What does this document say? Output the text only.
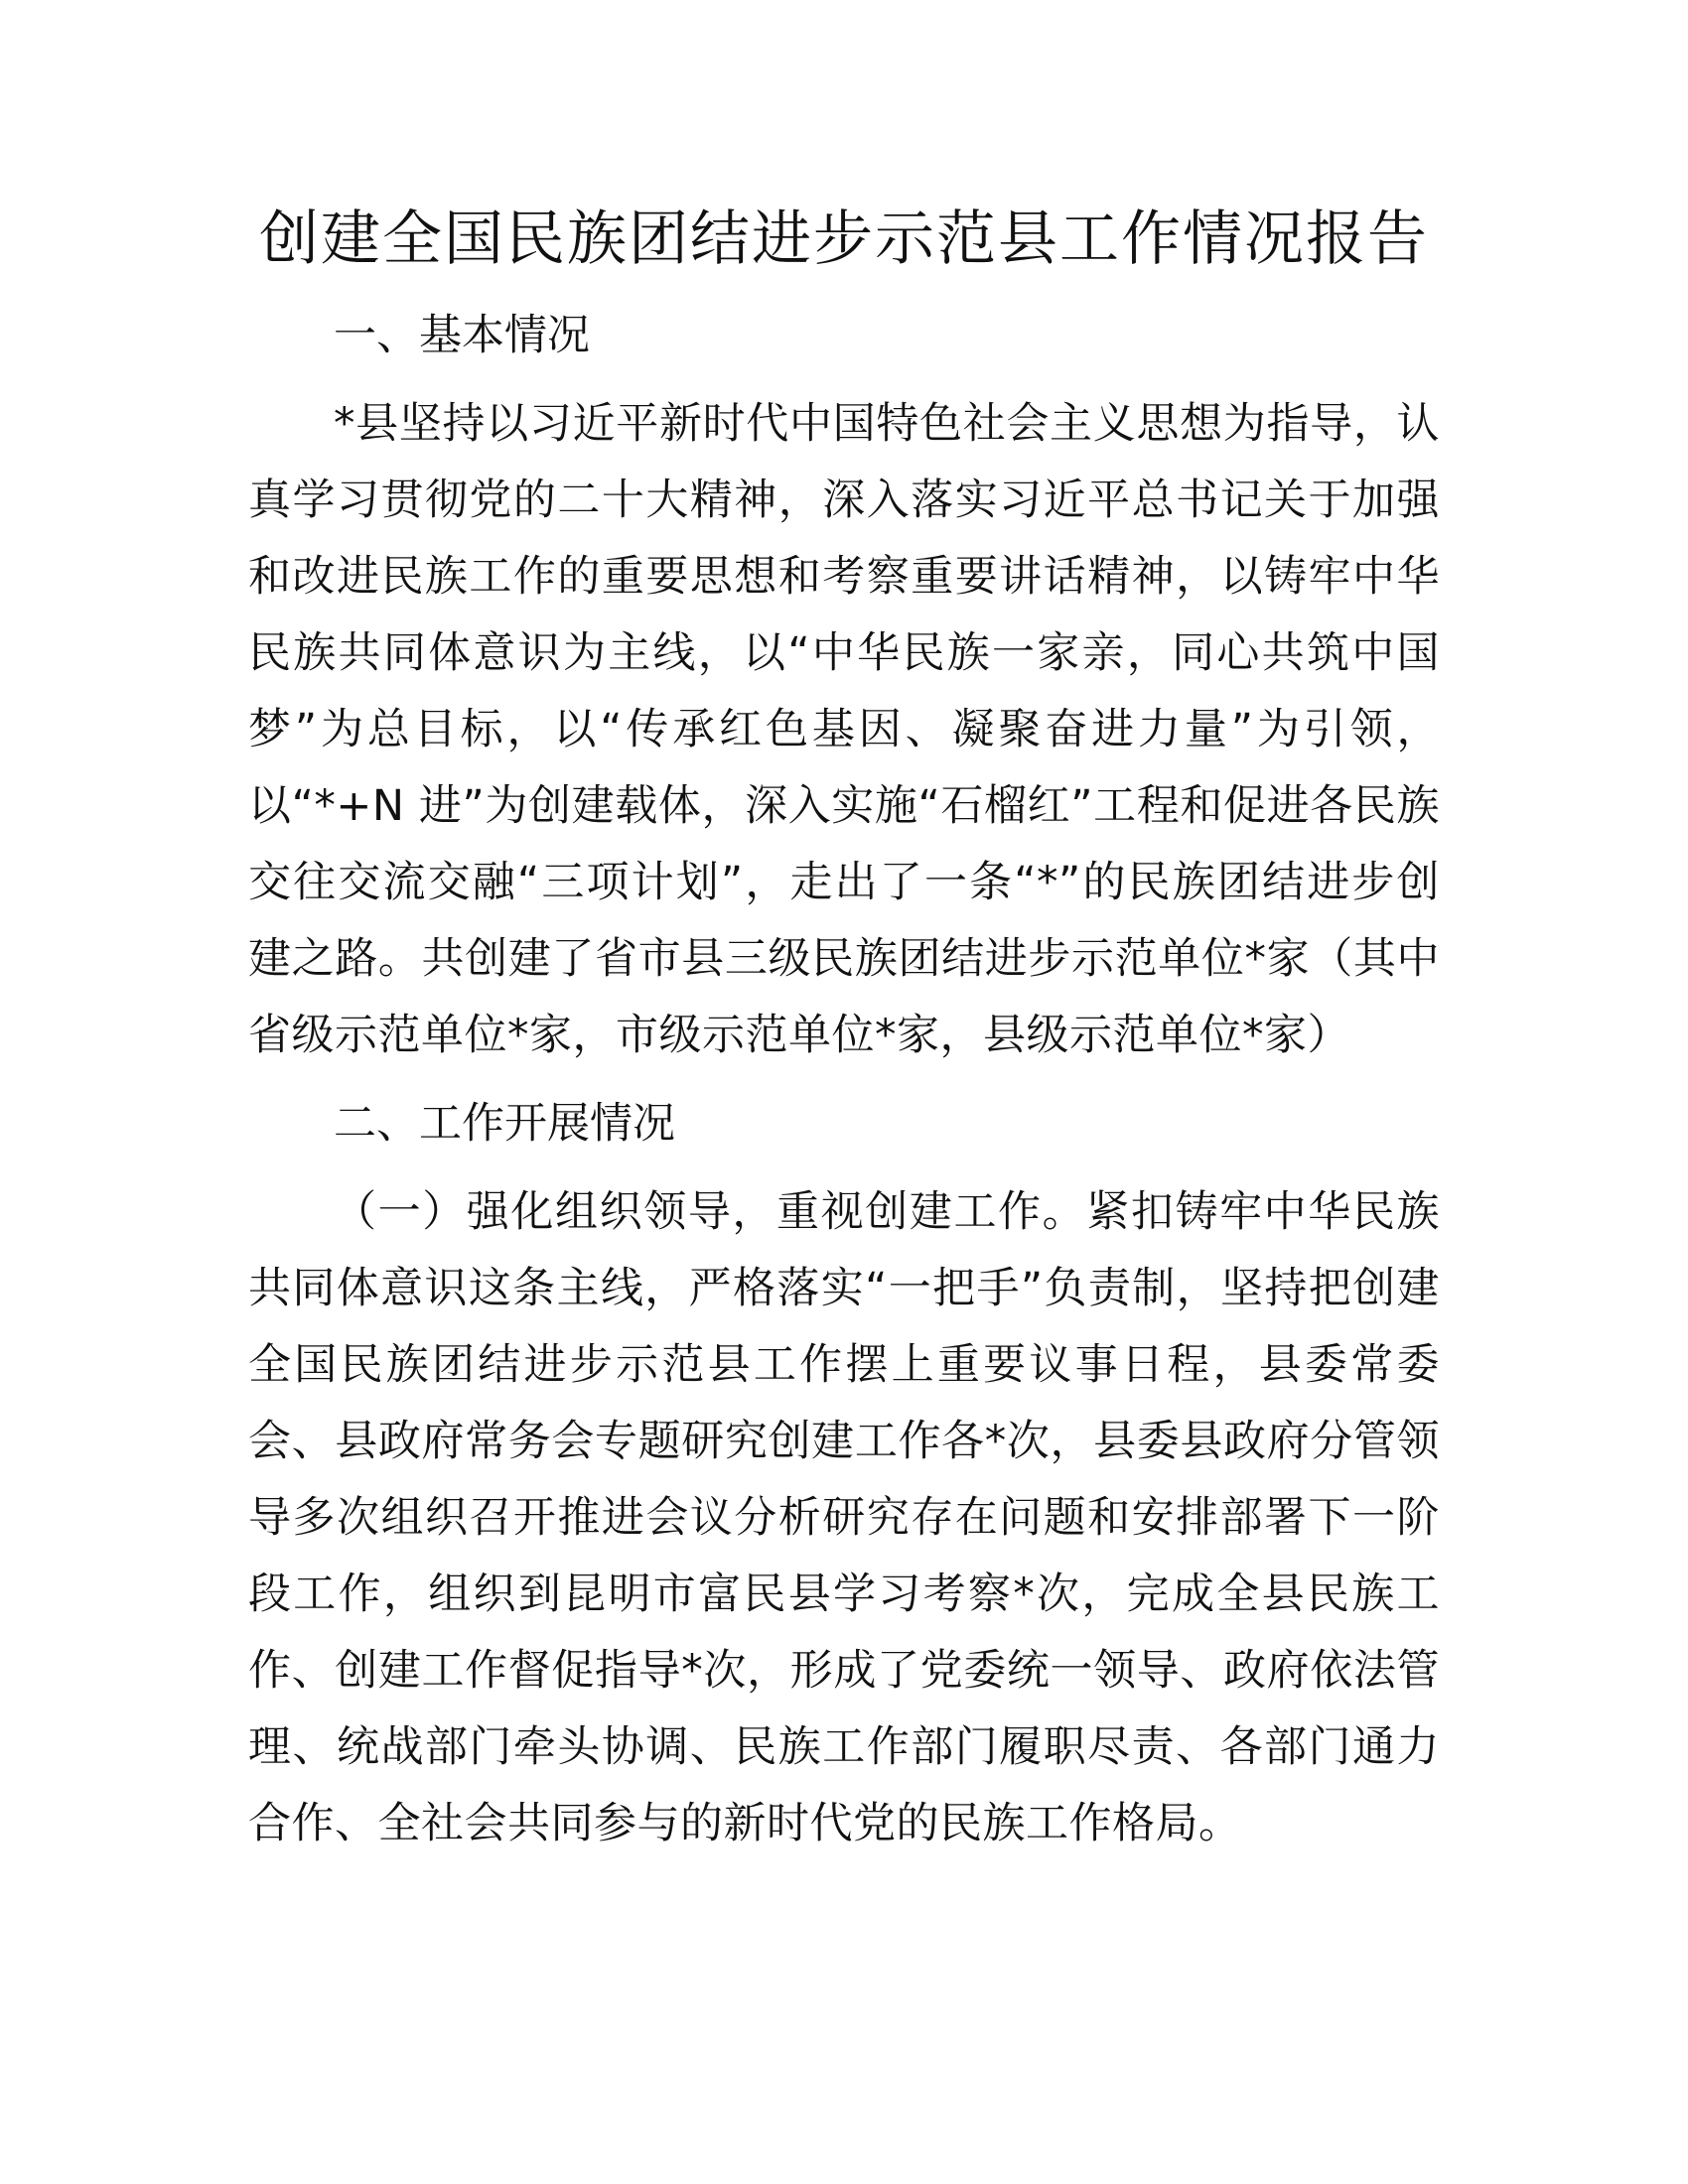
创建全国民族团结进步示范县工作情况报告

一、基本情况

*县坚持以习近平新时代中国特色社会主义思想为指导，认真学习贯彻党的二十大精神，深入落实习近平总书记关于加强和改进民族工作的重要思想和考察重要讲话精神，以铸牢中华民族共同体意识为主线，以“中华民族一家亲，同心共筑中国梦”为总目标，以“传承红色基因、凝聚奋进力量”为引领，以“*+N 进”为创建载体，深入实施“石榴红”工程和促进各民族交往交流交融“三项计划”，走出了一条“*”的民族团结进步创建之路。共创建了省市县三级民族团结进步示范单位*家（其中省级示范单位*家，市级示范单位*家，县级示范单位*家）

二、工作开展情况

（一）强化组织领导，重视创建工作。紧扣铸牢中华民族共同体意识这条主线，严格落实“一把手”负责制，坚持把创建全国民族团结进步示范县工作摆上重要议事日程，县委常委会、县政府常务会专题研究创建工作各*次，县委县政府分管领导多次组织召开推进会议分析研究存在问题和安排部署下一阶段工作，组织到昆明市富民县学习考察*次，完成全县民族工作、创建工作督促指导*次，形成了党委统一领导、政府依法管理、统战部门牵头协调、民族工作部门履职尽责、各部门通力合作、全社会共同参与的新时代党的民族工作格局。
